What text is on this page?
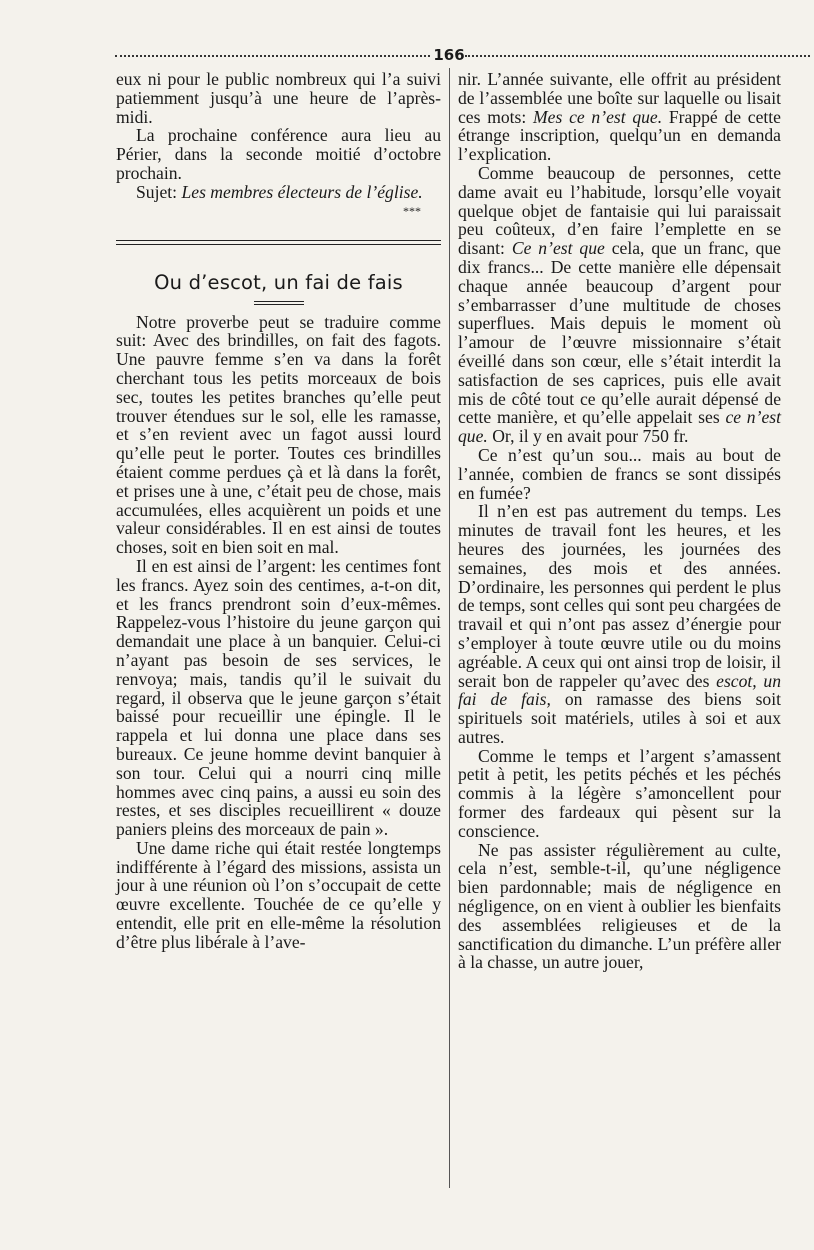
166

eux ni pour le public nombreux qui l’a suivi patiemment jusqu’à une heure de l’après-midi.

La prochaine conférence aura lieu au Périer, dans la seconde moitié d’octobre prochain.

Sujet: Les membres électeurs de l’église.

***
Ou d’escot, un fai de fais

Notre proverbe peut se traduire comme suit: Avec des brindilles, on fait des fagots. Une pauvre femme s’en va dans la forêt cherchant tous les petits morceaux de bois sec, toutes les petites branches qu’elle peut trouver étendues sur le sol, elle les ramasse, et s’en revient avec un fagot aussi lourd qu’elle peut le porter. Toutes ces brindilles étaient comme perdues çà et là dans la forêt, et prises une à une, c’était peu de chose, mais accumulées, elles acquièrent un poids et une valeur considérables. Il en est ainsi de toutes choses, soit en bien soit en mal.

Il en est ainsi de l’argent: les centimes font les francs. Ayez soin des centimes, a-t-on dit, et les francs prendront soin d’eux-mêmes. Rappelez-vous l’histoire du jeune garçon qui demandait une place à un banquier. Celui-ci n’ayant pas besoin de ses services, le renvoya; mais, tandis qu’il le suivait du regard, il observa que le jeune garçon s’était baissé pour recueillir une épingle. Il le rappela et lui donna une place dans ses bureaux. Ce jeune homme devint banquier à son tour. Celui qui a nourri cinq mille hommes avec cinq pains, a aussi eu soin des restes, et ses disciples recueillirent « douze paniers pleins des morceaux de pain ».

Une dame riche qui était restée longtemps indifférente à l’égard des missions, assista un jour à une réunion où l’on s’occupait de cette œuvre excellente. Touchée de ce qu’elle y entendit, elle prit en elle-même la résolution d’être plus libérale à l’ave-

nir. L’année suivante, elle offrit au président de l’assemblée une boîte sur laquelle ou lisait ces mots: Mes ce n’est que. Frappé de cette étrange inscription, quelqu’un en demanda l’explication.

Comme beaucoup de personnes, cette dame avait eu l’habitude, lorsqu’elle voyait quelque objet de fantaisie qui lui paraissait peu coûteux, d’en faire l’emplette en se disant: Ce n’est que cela, que un franc, que dix francs... De cette manière elle dépensait chaque année beaucoup d’argent pour s’embarrasser d’une multitude de choses superflues. Mais depuis le moment où l’amour de l’œuvre missionnaire s’était éveillé dans son cœur, elle s’était interdit la satisfaction de ses caprices, puis elle avait mis de côté tout ce qu’elle aurait dépensé de cette manière, et qu’elle appelait ses ce n’est que. Or, il y en avait pour 750 fr.

Ce n’est qu’un sou... mais au bout de l’année, combien de francs se sont dissipés en fumée?

Il n’en est pas autrement du temps. Les minutes de travail font les heures, et les heures des journées, les journées des semaines, des mois et des années. D’ordinaire, les personnes qui perdent le plus de temps, sont celles qui sont peu chargées de travail et qui n’ont pas assez d’énergie pour s’employer à toute œuvre utile ou du moins agréable. A ceux qui ont ainsi trop de loisir, il serait bon de rappeler qu’avec des escot, un fai de fais, on ramasse des biens soit spirituels soit matériels, utiles à soi et aux autres.

Comme le temps et l’argent s’amassent petit à petit, les petits péchés et les péchés commis à la légère s’amoncellent pour former des fardeaux qui pèsent sur la conscience.

Ne pas assister régulièrement au culte, cela n’est, semble-t-il, qu’une négligence bien pardonnable; mais de négligence en négligence, on en vient à oublier les bienfaits des assemblées religieuses et de la sanctification du dimanche. L’un préfère aller à la chasse, un autre jouer,
